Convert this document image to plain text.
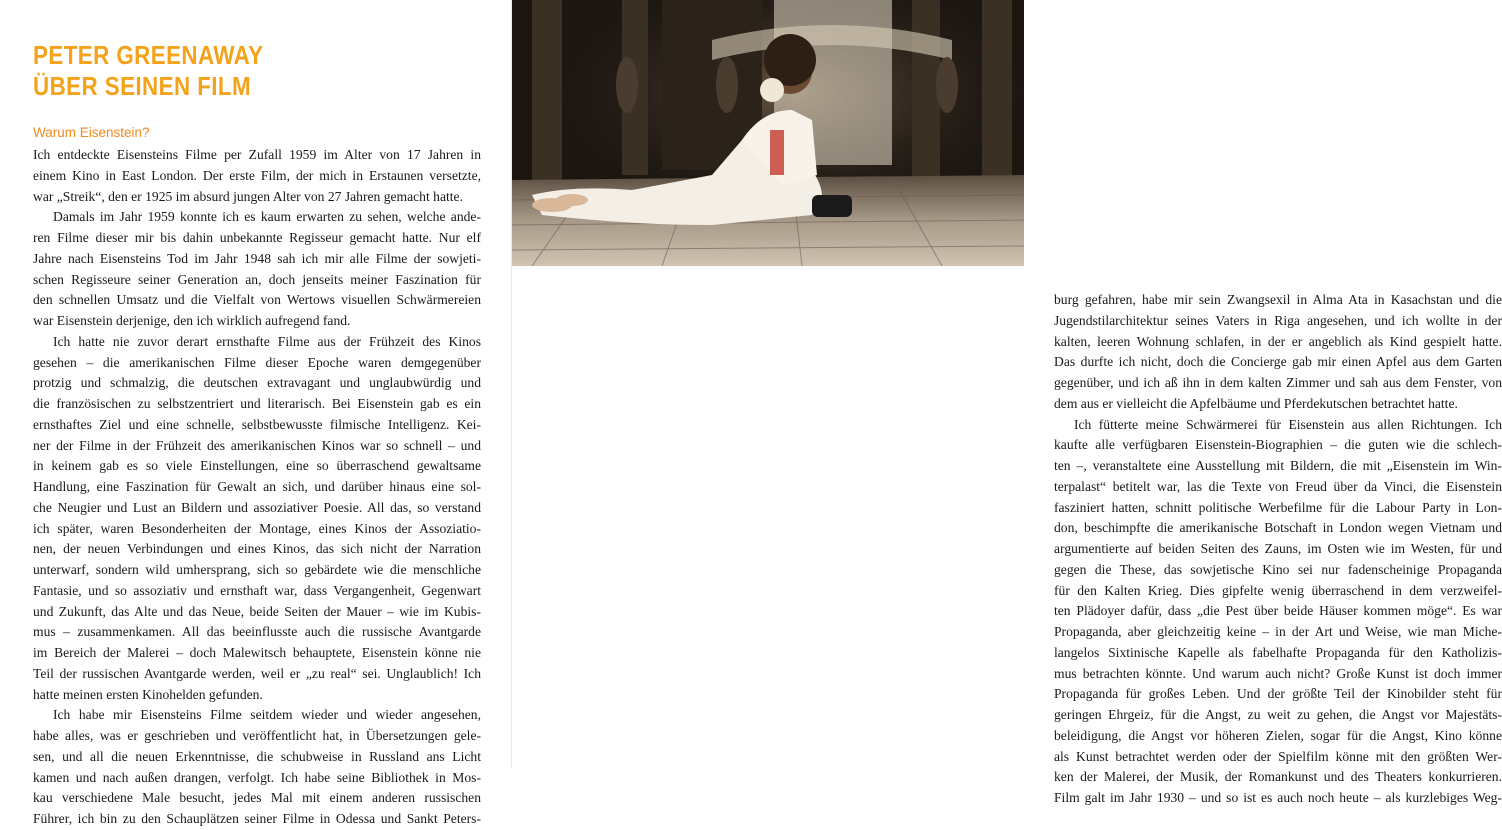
PETER GREENAWAY
ÜBER SEINEN FILM
Warum Eisenstein?

Ich entdeckte Eisensteins Filme per Zufall 1959 im Alter von 17 Jahren in
einem Kino in East London. Der erste Film, der mich in Erstaunen versetzte,
war „Streik“, den er 1925 im absurd jungen Alter von 27 Jahren gemacht hatte.

Damals im Jahr 1959 konnte ich es kaum erwarten zu sehen, welche ande-
ren Filme dieser mir bis dahin unbekannte Regisseur gemacht hatte. Nur elf
Jahre nach Eisensteins Tod im Jahr 1948 sah ich mir alle Filme der sowjeti-
schen Regisseure seiner Generation an, doch jenseits meiner Faszination für
den schnellen Umsatz und die Vielfalt von Wertows visuellen Schwärmereien
war Eisenstein derjenige, den ich wirklich aufregend fand.

Ich hatte nie zuvor derart ernsthafte Filme aus der Frühzeit des Kinos
gesehen – die amerikanischen Filme dieser Epoche waren demgegenüber
protzig und schmalzig, die deutschen extravagant und unglaubwürdig und
die französischen zu selbstzentriert und literarisch. Bei Eisenstein gab es ein
ernsthaftes Ziel und eine schnelle, selbstbewusste filmische Intelligenz. Kei-
ner der Filme in der Frühzeit des amerikanischen Kinos war so schnell – und
in keinem gab es so viele Einstellungen, eine so überraschend gewaltsame
Handlung, eine Faszination für Gewalt an sich, und darüber hinaus eine sol-
che Neugier und Lust an Bildern und assoziativer Poesie. All das, so verstand
ich später, waren Besonderheiten der Montage, eines Kinos der Assoziatio-
nen, der neuen Verbindungen und eines Kinos, das sich nicht der Narration
unterwarf, sondern wild umhersprang, sich so gebärdete wie die menschliche
Fantasie, und so assoziativ und ernsthaft war, dass Vergangenheit, Gegenwart
und Zukunft, das Alte und das Neue, beide Seiten der Mauer – wie im Kubis-
mus – zusammenkamen. All das beeinflusste auch die russische Avantgarde
im Bereich der Malerei – doch Malewitsch behauptete, Eisenstein könne nie
Teil der russischen Avantgarde werden, weil er „zu real“ sei. Unglaublich! Ich
hatte meinen ersten Kinohelden gefunden.

Ich habe mir Eisensteins Filme seitdem wieder und wieder angesehen,
habe alles, was er geschrieben und veröffentlicht hat, in Übersetzungen gele-
sen, und all die neuen Erkenntnisse, die schubweise in Russland ans Licht
kamen und nach außen drangen, verfolgt. Ich habe seine Bibliothek in Mos-
kau verschiedene Male besucht, jedes Mal mit einem anderen russischen
Führer, ich bin zu den Schauplätzen seiner Filme in Odessa und Sankt Peters-

burg gefahren, habe mir sein Zwangsexil in Alma Ata in Kasachstan und die
Jugendstilarchitektur seines Vaters in Riga angesehen, und ich wollte in der
kalten, leeren Wohnung schlafen, in der er angeblich als Kind gespielt hatte.
Das durfte ich nicht, doch die Concierge gab mir einen Apfel aus dem Garten
gegenüber, und ich aß ihn in dem kalten Zimmer und sah aus dem Fenster, von
dem aus er vielleicht die Apfelbäume und Pferdekutschen betrachtet hatte.

Ich fütterte meine Schwärmerei für Eisenstein aus allen Richtungen. Ich
kaufte alle verfügbaren Eisenstein-Biographien – die guten wie die schlech-
ten –, veranstaltete eine Ausstellung mit Bildern, die mit „Eisenstein im Win-
terpalast“ betitelt war, las die Texte von Freud über da Vinci, die Eisenstein
fasziniert hatten, schnitt politische Werbefilme für die Labour Party in Lon-
don, beschimpfte die amerikanische Botschaft in London wegen Vietnam und
argumentierte auf beiden Seiten des Zauns, im Osten wie im Westen, für und
gegen die These, das sowjetische Kino sei nur fadenscheinige Propaganda
für den Kalten Krieg. Dies gipfelte wenig überraschend in dem verzweifel-
ten Plädoyer dafür, dass „die Pest über beide Häuser kommen möge“. Es war
Propaganda, aber gleichzeitig keine – in der Art und Weise, wie man Miche-
langelos Sixtinische Kapelle als fabelhafte Propaganda für den Katholizis-
mus betrachten könnte. Und warum auch nicht? Große Kunst ist doch immer
Propaganda für großes Leben. Und der größte Teil der Kinobilder steht für
geringen Ehrgeiz, für die Angst, zu weit zu gehen, die Angst vor Majestäts-
beleidigung, die Angst vor höheren Zielen, sogar für die Angst, Kino könne
als Kunst betrachtet werden oder der Spielfilm könne mit den größten Wer-
ken der Malerei, der Musik, der Romankunst und des Theaters konkurrieren.
Film galt im Jahr 1930 – und so ist es auch noch heute – als kurzlebiges Weg-
